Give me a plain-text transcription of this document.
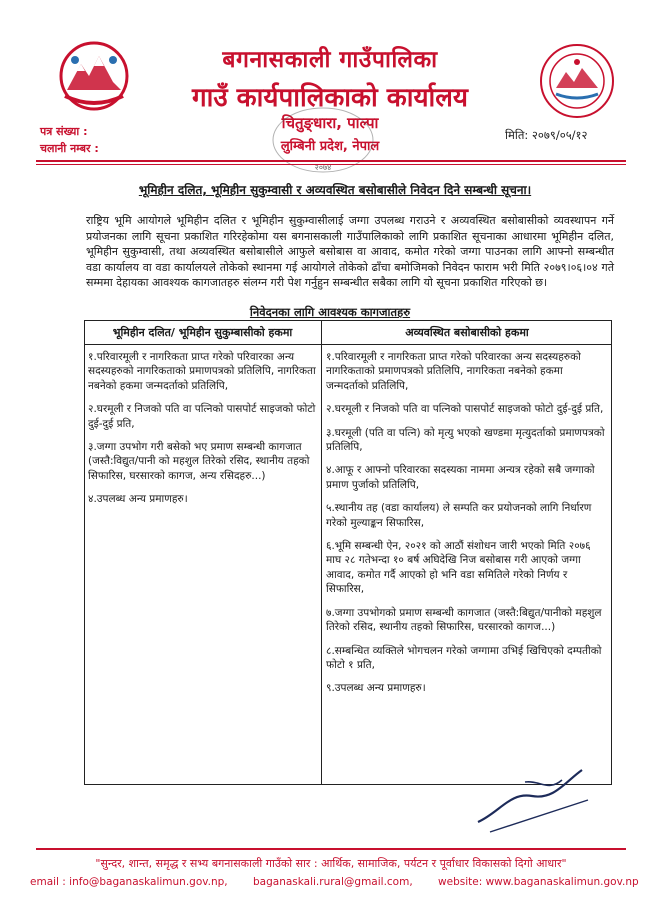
बगनासकाली गाउँपालिका
गाउँ कार्यपालिकाको कार्यालय
चितुङ्धारा, पाल्पा
लुम्बिनी प्रदेश, नेपाल
२०७४
पत्र संख्या :
चलानी नम्बर :
मिति: २०७९/०५/१२
भूमिहीन दलित, भूमिहीन सुकुम्वासी र अव्यवस्थित बसोबासीले निवेदन दिने सम्बन्धी सूचना।
राष्ट्रिय भूमि आयोगले भूमिहीन दलित र भूमिहीन सुकुम्वासीलाई जग्गा उपलब्ध गराउने र अव्यवस्थित बसोबासीको व्यवस्थापन गर्ने प्रयोजनका लागि सूचना प्रकाशित गरिरहेकोमा यस बगनासकाली गाउँपालिकाको लागि प्रकाशित सूचनाका आधारमा भूमिहीन दलित, भूमिहीन सुकुम्वासी, तथा अव्यवस्थित बसोबासीले आफुले बसोबास वा आवाद, कमोत गरेको जग्गा पाउनका लागि आफ्नो सम्बन्धीत वडा कार्यालय वा वडा कार्यालयले तोकेको स्थानमा गई आयोगले तोकेको ढाँचा बमोजिमको निवेदन फाराम भरी मिति २०७९।०६।०४ गते सम्ममा देहायका आवश्यक कागजातहरु संलग्न गरी पेश गर्नुहुन सम्बन्धीत सबैका लागि यो सूचना प्रकाशित गरिएको छ।
निवेदनका लागि आवश्यक कागजातहरु
भूमिहीन दलित/ भूमिहीन सुकुम्बासीको हकमा	अव्यवस्थित बसोबासीको हकमा

१.परिवारमूली र नागरिकता प्राप्त गरेको परिवारका अन्य सदस्यहरुको नागरिकताको प्रमाणपत्रको प्रतिलिपि, नागरिकता नबनेको हकमा जन्मदर्ताको प्रतिलिपि,

२.घरमूली र निजको पति वा पत्निको पासपोर्ट साइजको फोटो दुई-दुई प्रति,

३.जग्गा उपभोग गरी बसेको भए प्रमाण सम्बन्धी कागजात (जस्तै:विद्युत/पानी को महशुल तिरेको रसिद, स्थानीय तहको सिफारिस, घरसारको कागज, अन्य रसिदहरु...)

४.उपलब्ध अन्य प्रमाणहरु।

१.परिवारमूली र नागरिकता प्राप्त गरेको परिवारका अन्य सदस्यहरुको नागरिकताको प्रमाणपत्रको प्रतिलिपि, नागरिकता नबनेको हकमा जन्मदर्ताको प्रतिलिपि,

२.घरमूली र निजको पति वा पत्निको पासपोर्ट साइजको फोटो दुई-दुई प्रति,

३.घरमूली (पति वा पत्नि) को मृत्यु भएको खण्डमा मृत्युदर्ताको प्रमाणपत्रको प्रतिलिपि,

४.आफू र आफ्नो परिवारका सदस्यका नाममा अन्यत्र रहेको सबै जग्गाको प्रमाण पुर्जाको प्रतिलिपि,

५.स्थानीय तह (वडा कार्यालय) ले सम्पति कर प्रयोजनको लागि निर्धारण गरेको मुल्याङ्कन सिफारिस,

६.भूमि सम्बन्धी ऐन, २०२१ को आठौं संशोधन जारी भएको मिति २०७६ माघ २८ गतेभन्दा १० बर्ष अघिदेखि निज बसोबास गरी आएको जग्गा आवाद, कमोत गर्दै आएको हो भनि वडा समितिले गरेको निर्णय र सिफारिस,

७.जग्गा उपभोगको प्रमाण सम्बन्धी कागजात (जस्तै:बिद्युत/पानीको महशुल तिरेको रसिद, स्थानीय तहको सिफारिस, घरसारको कागज...)

८.सम्बन्धित व्यक्तिले भोगचलन गरेको जग्गामा उभिई खिचिएको दम्पतीको फोटो १ प्रति,

९.उपलब्ध अन्य प्रमाणहरु।

"सुन्दर, शान्त, समृद्ध र सभ्य बगनासकाली गाउँको सार : आर्थिक, सामाजिक, पर्यटन र पूर्वाधार विकासको दिगो आधार"
email : info@baganaskalimun.gov.np, baganaskali.rural@gmail.com, website: www.baganaskalimun.gov.np
